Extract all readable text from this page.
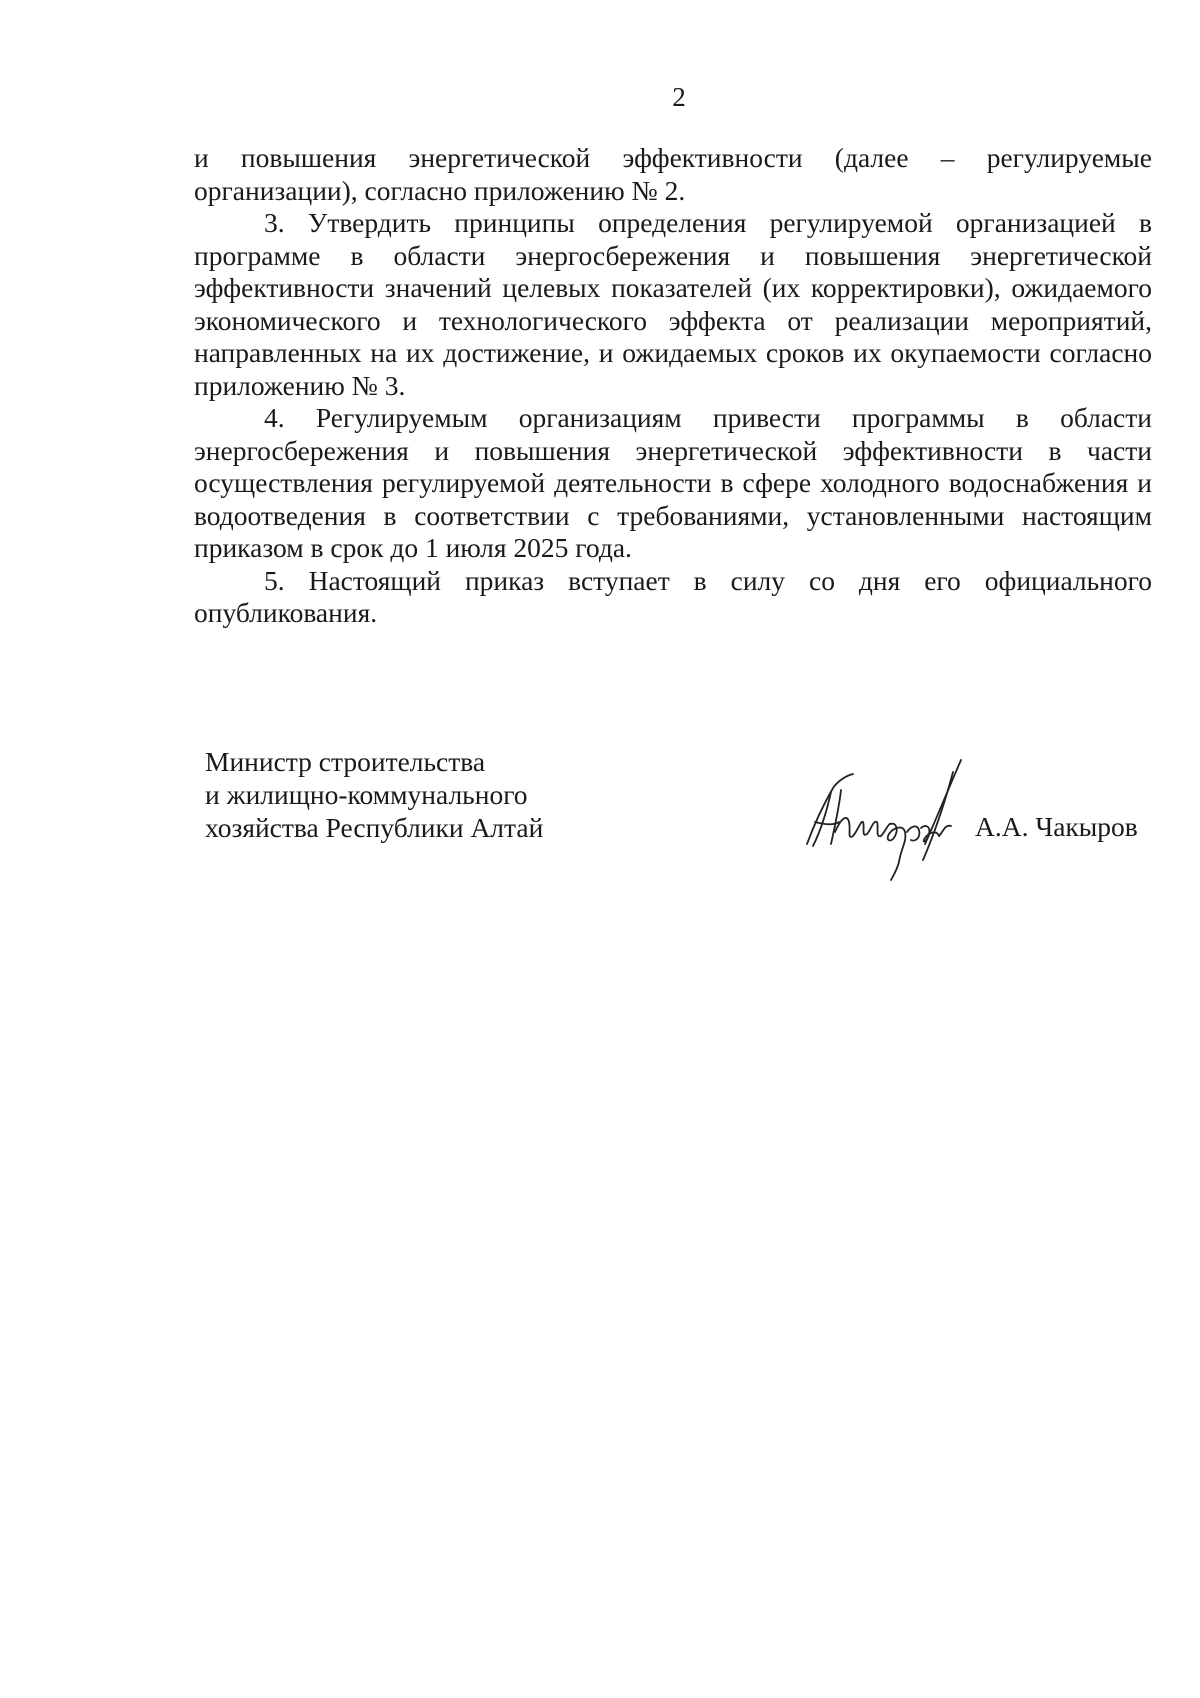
2

и повышения энергетической эффективности (далее – регулируемые организации), согласно приложению № 2.

3. Утвердить принципы определения регулируемой организацией в программе в области энергосбережения и повышения энергетической эффективности значений целевых показателей (их корректировки), ожидаемого экономического и технологического эффекта от реализации мероприятий, направленных на их достижение, и ожидаемых сроков их окупаемости согласно приложению № 3.

4. Регулируемым организациям привести программы в области энергосбережения и повышения энергетической эффективности в части осуществления регулируемой деятельности в сфере холодного водоснабжения и водоотведения в соответствии с требованиями, установленными настоящим приказом в срок до 1 июля 2025 года.

5. Настоящий приказ вступает в силу со дня его официального опубликования.

Министр строительства
и жилищно-коммунального
хозяйства Республики Алтай	А.А. Чакыров
